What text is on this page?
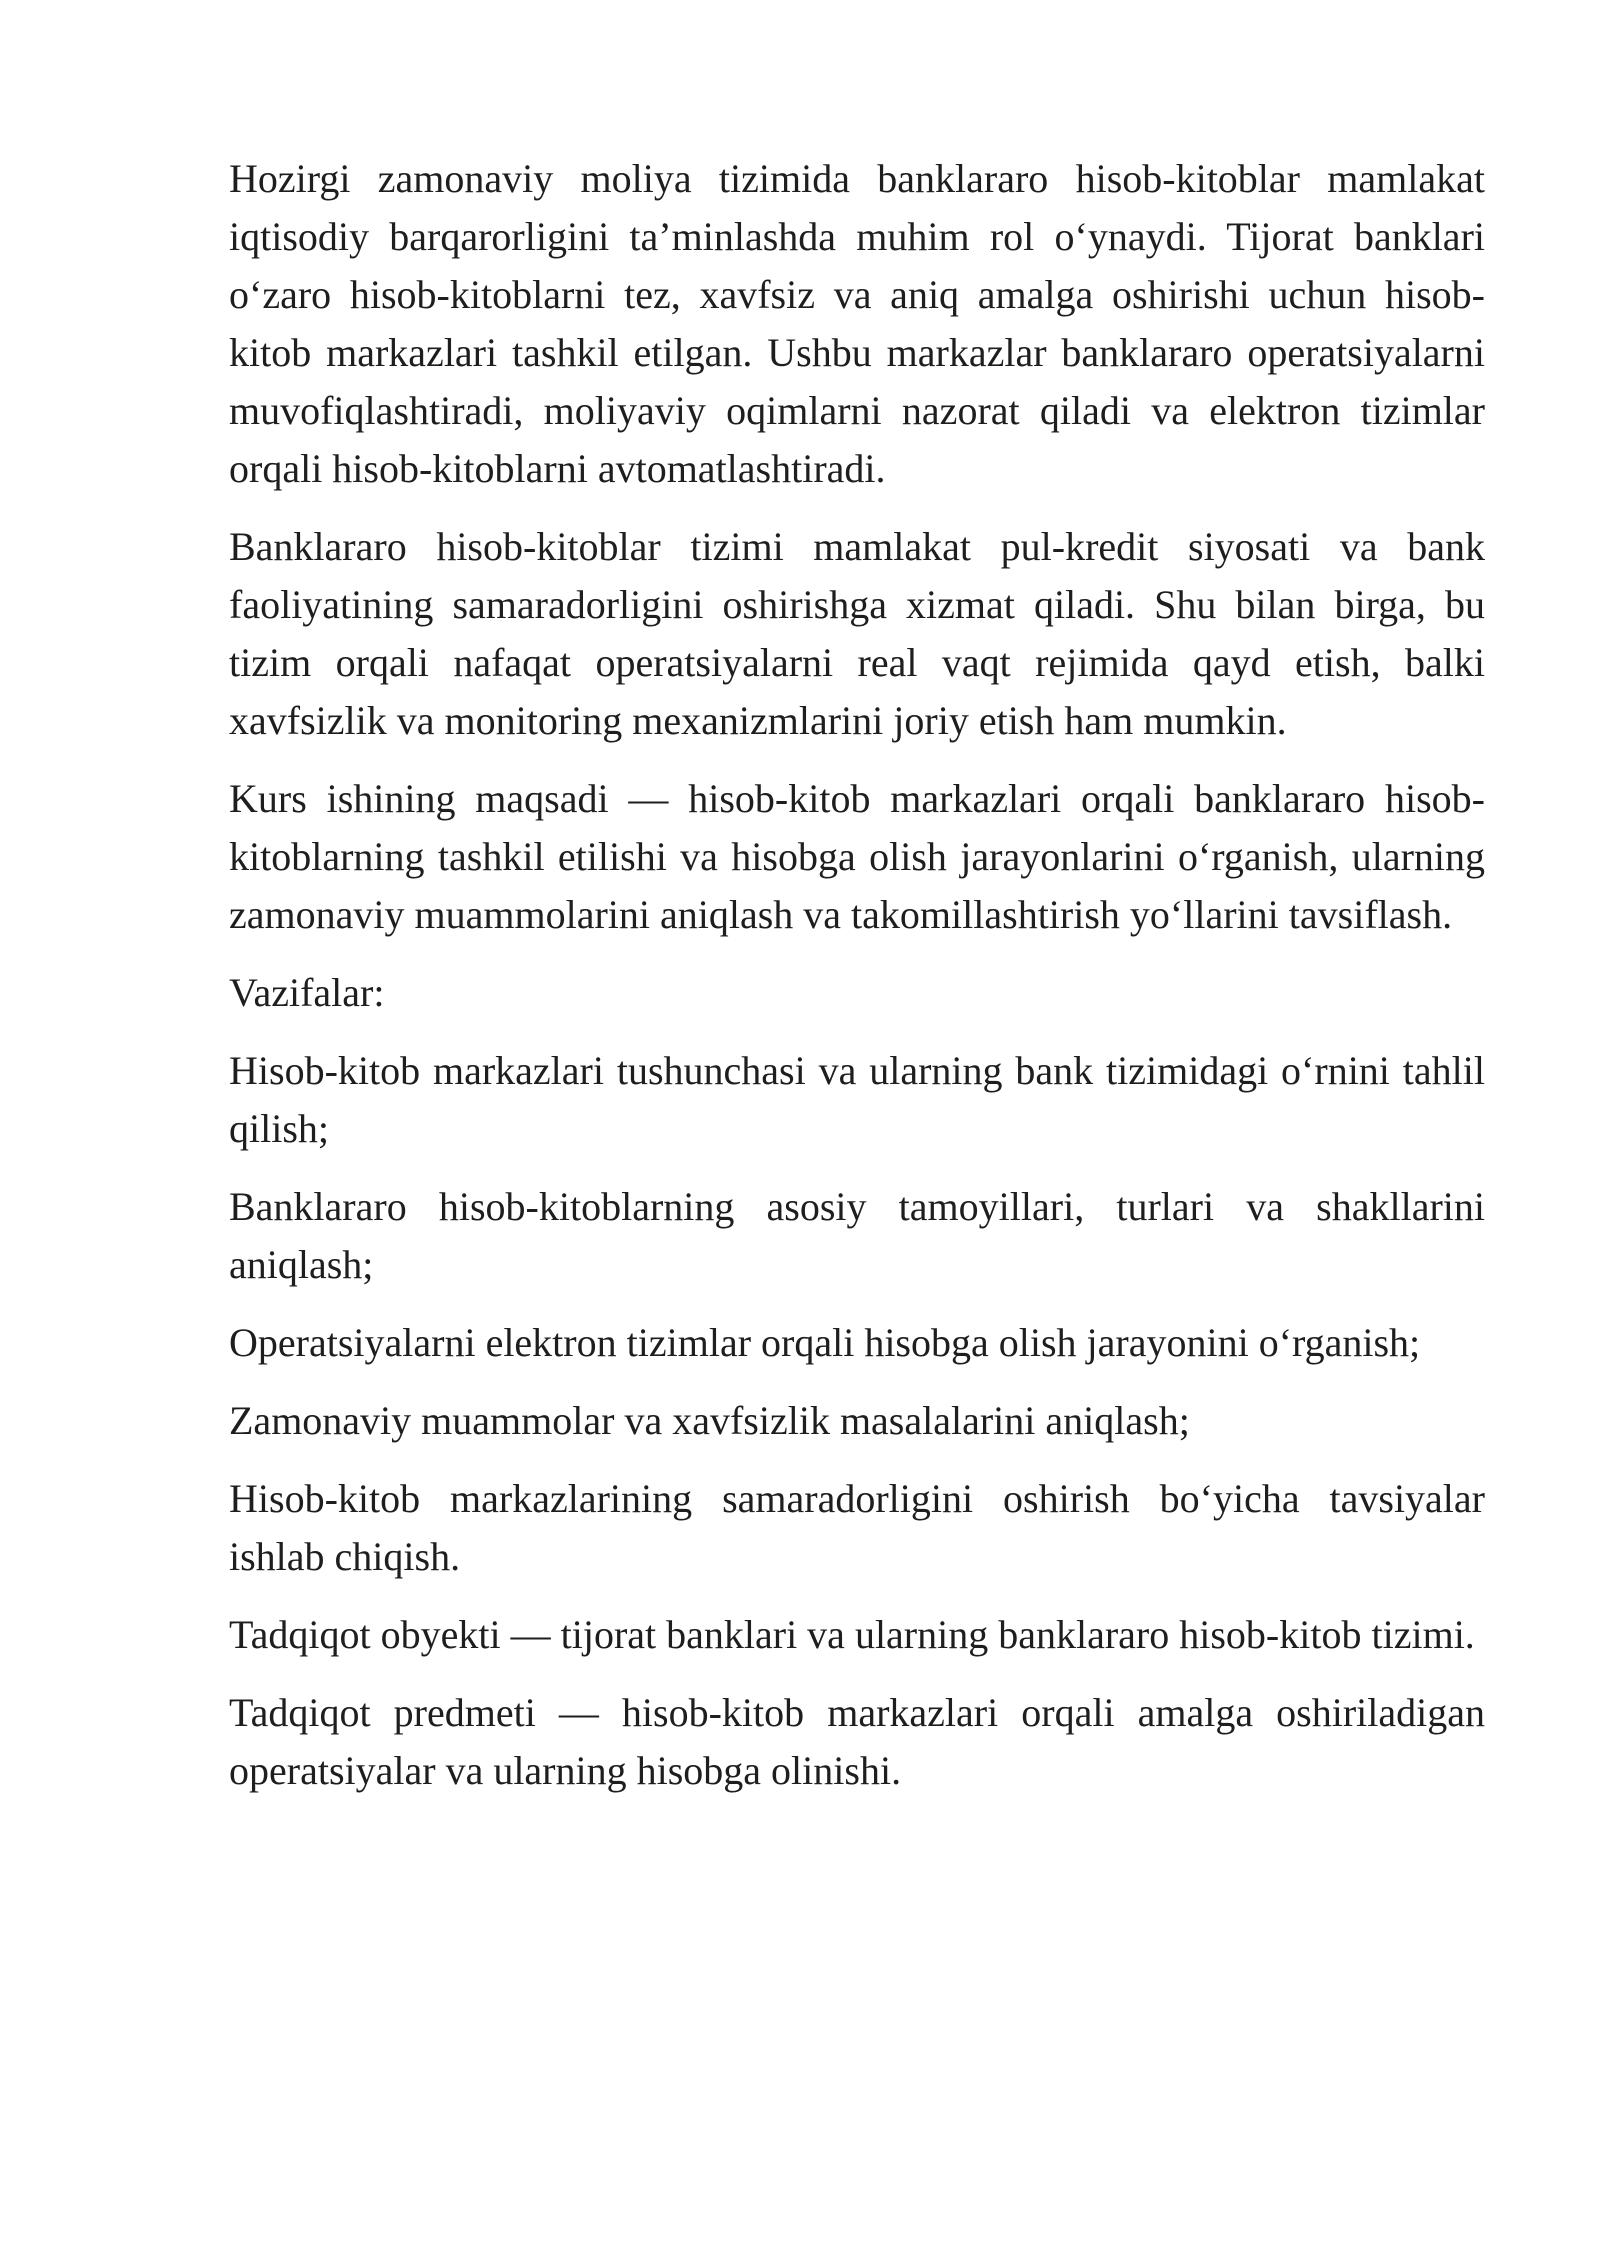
Hozirgi zamonaviy moliya tizimida banklararo hisob-kitoblar mamlakat iqtisodiy barqarorligini ta’minlashda muhim rol o‘ynaydi. Tijorat banklari o‘zaro hisob-kitoblarni tez, xavfsiz va aniq amalga oshirishi uchun hisob-kitob markazlari tashkil etilgan. Ushbu markazlar banklararo operatsiyalarni muvofiqlashtiradi, moliyaviy oqimlarni nazorat qiladi va elektron tizimlar orqali hisob-kitoblarni avtomatlashtiradi.

Banklararo hisob-kitoblar tizimi mamlakat pul-kredit siyosati va bank faoliyatining samaradorligini oshirishga xizmat qiladi. Shu bilan birga, bu tizim orqali nafaqat operatsiyalarni real vaqt rejimida qayd etish, balki xavfsizlik va monitoring mexanizmlarini joriy etish ham mumkin.

Kurs ishining maqsadi — hisob-kitob markazlari orqali banklararo hisob-kitoblarning tashkil etilishi va hisobga olish jarayonlarini o‘rganish, ularning zamonaviy muammolarini aniqlash va takomillashtirish yo‘llarini tavsiflash.

Vazifalar:

Hisob-kitob markazlari tushunchasi va ularning bank tizimidagi o‘rnini tahlil qilish;

Banklararo hisob-kitoblarning asosiy tamoyillari, turlari va shakllarini aniqlash;

Operatsiyalarni elektron tizimlar orqali hisobga olish jarayonini o‘rganish;

Zamonaviy muammolar va xavfsizlik masalalarini aniqlash;

Hisob-kitob markazlarining samaradorligini oshirish bo‘yicha tavsiyalar ishlab chiqish.

Tadqiqot obyekti — tijorat banklari va ularning banklararo hisob-kitob tizimi.

Tadqiqot predmeti — hisob-kitob markazlari orqali amalga oshiriladigan operatsiyalar va ularning hisobga olinishi.
